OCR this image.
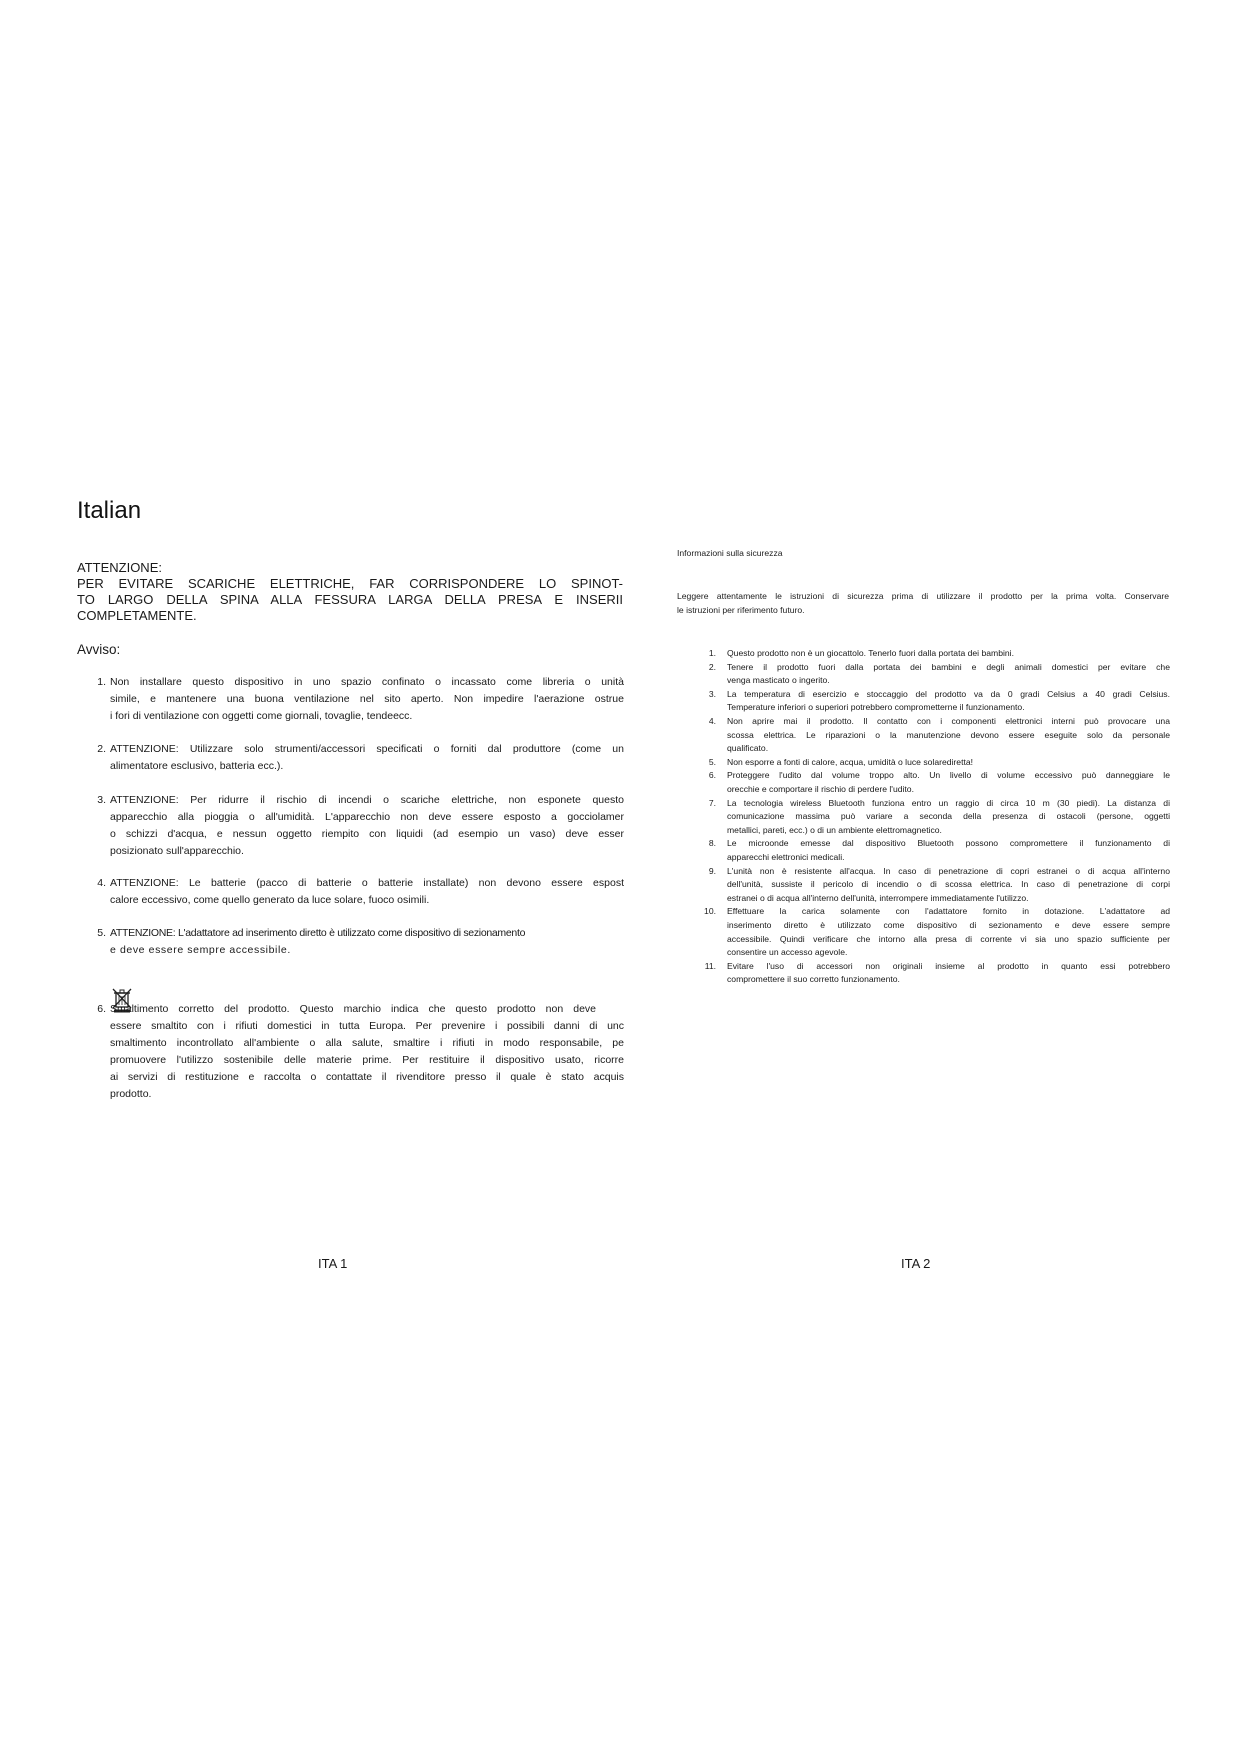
Italian
ATTENZIONE:
PER EVITARE SCARICHE ELETTRICHE, FAR CORRISPONDERE LO SPINOT-
TO LARGO DELLA SPINA ALLA FESSURA LARGA DELLA PRESA E INSERII
COMPLETAMENTE.
Avviso:
1. Non installare questo dispositivo in uno spazio confinato o incassato come libreria o unità
simile, e mantenere una buona ventilazione nel sito aperto. Non impedire l'aerazione ostrue
i fori di ventilazione con oggetti come giornali, tovaglie, tendeecc.
2. ATTENZIONE: Utilizzare solo strumenti/accessori specificati o forniti dal produttore (come un
alimentatore esclusivo, batteria ecc.).
3. ATTENZIONE: Per ridurre il rischio di incendi o scariche elettriche, non esponete questo
apparecchio alla pioggia o all'umidità. L'apparecchio non deve essere esposto a gocciolamer
o schizzi d'acqua, e nessun oggetto riempito con liquidi (ad esempio un vaso) deve esser
posizionato sull'apparecchio.
4. ATTENZIONE: Le batterie (pacco di batterie o batterie installate) non devono essere espost
calore eccessivo, come quello generato da luce solare, fuoco osimili.
5. ATTENZIONE: L'adattatore ad inserimento diretto è utilizzato come dispositivo di sezionamento
e deve essere sempre accessibile.
6. Smaltimento corretto del prodotto. Questo marchio indica che questo prodotto non deve
essere smaltito con i rifiuti domestici in tutta Europa. Per prevenire i possibili danni di unc
smaltimento incontrollato all'ambiente o alla salute, smaltire i rifiuti in modo responsabile, pe
promuovere l'utilizzo sostenibile delle materie prime. Per restituire il dispositivo usato, ricorre
ai servizi di restituzione e raccolta o contattate il rivenditore presso il quale è stato acquis
prodotto.
ITA 1
Informazioni sulla sicurezza
Leggere attentamente le istruzioni di sicurezza prima di utilizzare il prodotto per la prima volta. Conservare
le istruzioni per riferimento futuro.
1. Questo prodotto non è un giocattolo. Tenerlo fuori dalla portata dei bambini.
2. Tenere il prodotto fuori dalla portata dei bambini e degli animali domestici per evitare che
venga masticato o ingerito.
3. La temperatura di esercizio e stoccaggio del prodotto va da 0 gradi Celsius a 40 gradi Celsius.
Temperature inferiori o superiori potrebbero comprometterne il funzionamento.
4. Non aprire mai il prodotto. Il contatto con i componenti elettronici interni può provocare una
scossa elettrica. Le riparazioni o la manutenzione devono essere eseguite solo da personale
qualificato.
5. Non esporre a fonti di calore, acqua, umidità o luce solarediretta!
6. Proteggere l'udito dal volume troppo alto. Un livello di volume eccessivo può danneggiare le
orecchie e comportare il rischio di perdere l'udito.
7. La tecnologia wireless Bluetooth funziona entro un raggio di circa 10 m (30 piedi). La distanza di
comunicazione massima può variare a seconda della presenza di ostacoli (persone, oggetti
metallici, pareti, ecc.) o di un ambiente elettromagnetico.
8. Le microonde emesse dal dispositivo Bluetooth possono compromettere il funzionamento di
apparecchi elettronici medicali.
9. L'unità non è resistente all'acqua. In caso di penetrazione di copri estranei o di acqua all'interno
dell'unità, sussiste il pericolo di incendio o di scossa elettrica. In caso di penetrazione di corpi
estranei o di acqua all'interno dell'unità, interrompere immediatamente l'utilizzo.
10. Effettuare la carica solamente con l'adattatore fornito in dotazione. L'adattatore ad
inserimento diretto è utilizzato come dispositivo di sezionamento e deve essere sempre
accessibile. Quindi verificare che intorno alla presa di corrente vi sia uno spazio sufficiente per
consentire un accesso agevole.
11. Evitare l'uso di accessori non originali insieme al prodotto in quanto essi potrebbero
compromettere il suo corretto funzionamento.
ITA 2
